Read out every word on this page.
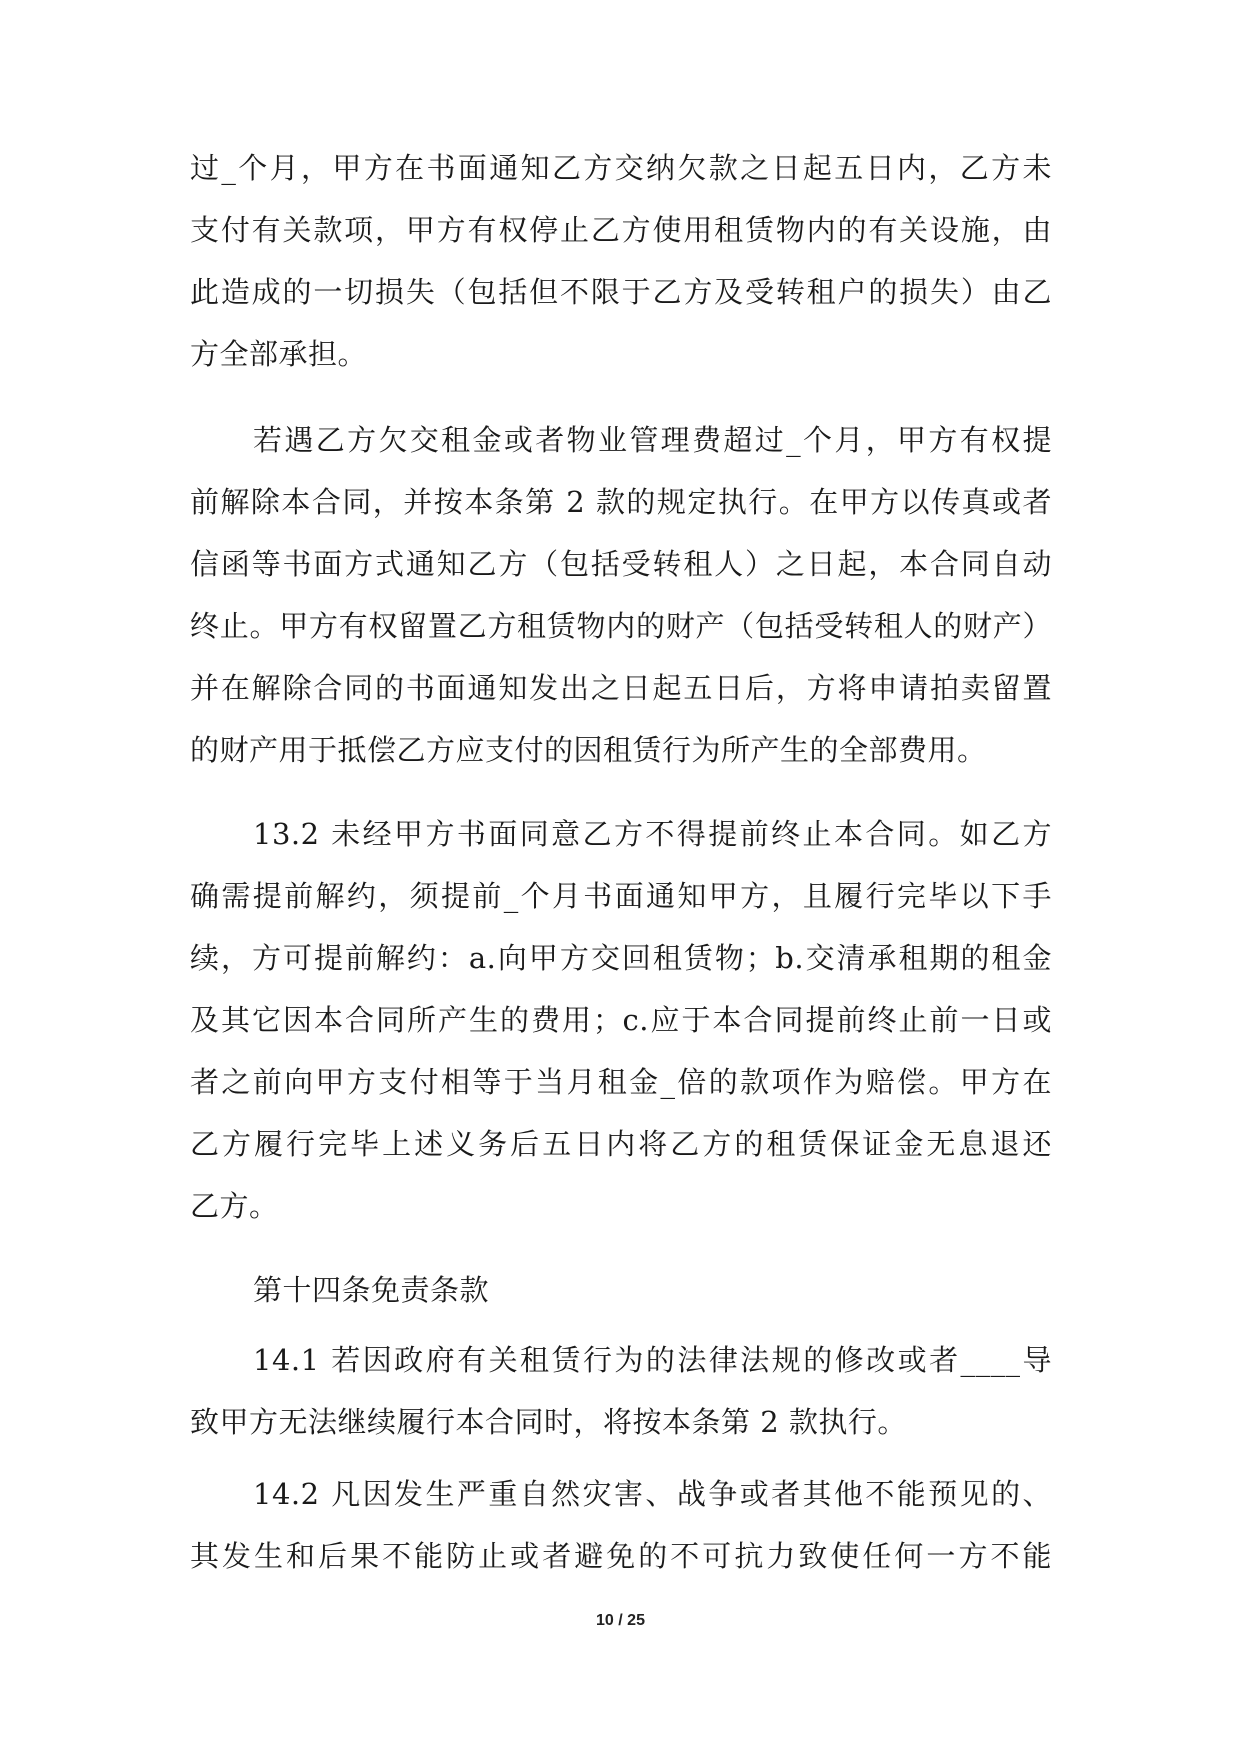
过_个月，甲方在书面通知乙方交纳欠款之日起五日内，乙方未
支付有关款项，甲方有权停止乙方使用租赁物内的有关设施，由
此造成的一切损失（包括但不限于乙方及受转租户的损失）由乙
方全部承担。
若遇乙方欠交租金或者物业管理费超过_个月，甲方有权提
前解除本合同，并按本条第 2 款的规定执行。在甲方以传真或者
信函等书面方式通知乙方（包括受转租人）之日起，本合同自动
终止。甲方有权留置乙方租赁物内的财产（包括受转租人的财产）
并在解除合同的书面通知发出之日起五日后，方将申请拍卖留置
的财产用于抵偿乙方应支付的因租赁行为所产生的全部费用。
13.2 未经甲方书面同意乙方不得提前终止本合同。如乙方
确需提前解约，须提前_个月书面通知甲方，且履行完毕以下手
续，方可提前解约：a.向甲方交回租赁物；b.交清承租期的租金
及其它因本合同所产生的费用；c.应于本合同提前终止前一日或
者之前向甲方支付相等于当月租金_倍的款项作为赔偿。甲方在
乙方履行完毕上述义务后五日内将乙方的租赁保证金无息退还
乙方。
第十四条免责条款
14.1 若因政府有关租赁行为的法律法规的修改或者____导
致甲方无法继续履行本合同时，将按本条第 2 款执行。
14.2 凡因发生严重自然灾害、战争或者其他不能预见的、
其发生和后果不能防止或者避免的不可抗力致使任何一方不能
10 / 25
